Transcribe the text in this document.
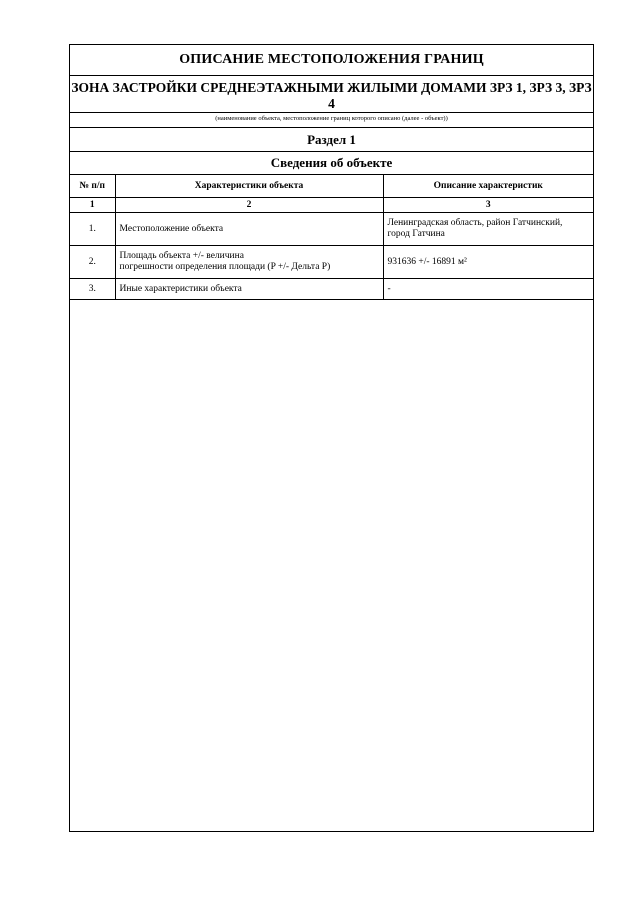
ОПИСАНИЕ МЕСТОПОЛОЖЕНИЯ ГРАНИЦ
ЗОНА ЗАСТРОЙКИ СРЕДНЕЭТАЖНЫМИ ЖИЛЫМИ ДОМАМИ ЗРЗ 1, ЗРЗ 3, ЗРЗ 4
(наименование объекта, местоположение границ которого описано (далее - объект))
Раздел 1
Сведения об объекте
№ п/п	Характеристики объекта	Описание характеристик
1	2	3
1.	Местоположение объекта	Ленинградская область, район Гатчинский,
город Гатчина
2.	Площадь объекта +/- величина
погрешности определения площади (P +/- Дельта P)	931636 +/- 16891 м²
3.	Иные характеристики объекта	-
